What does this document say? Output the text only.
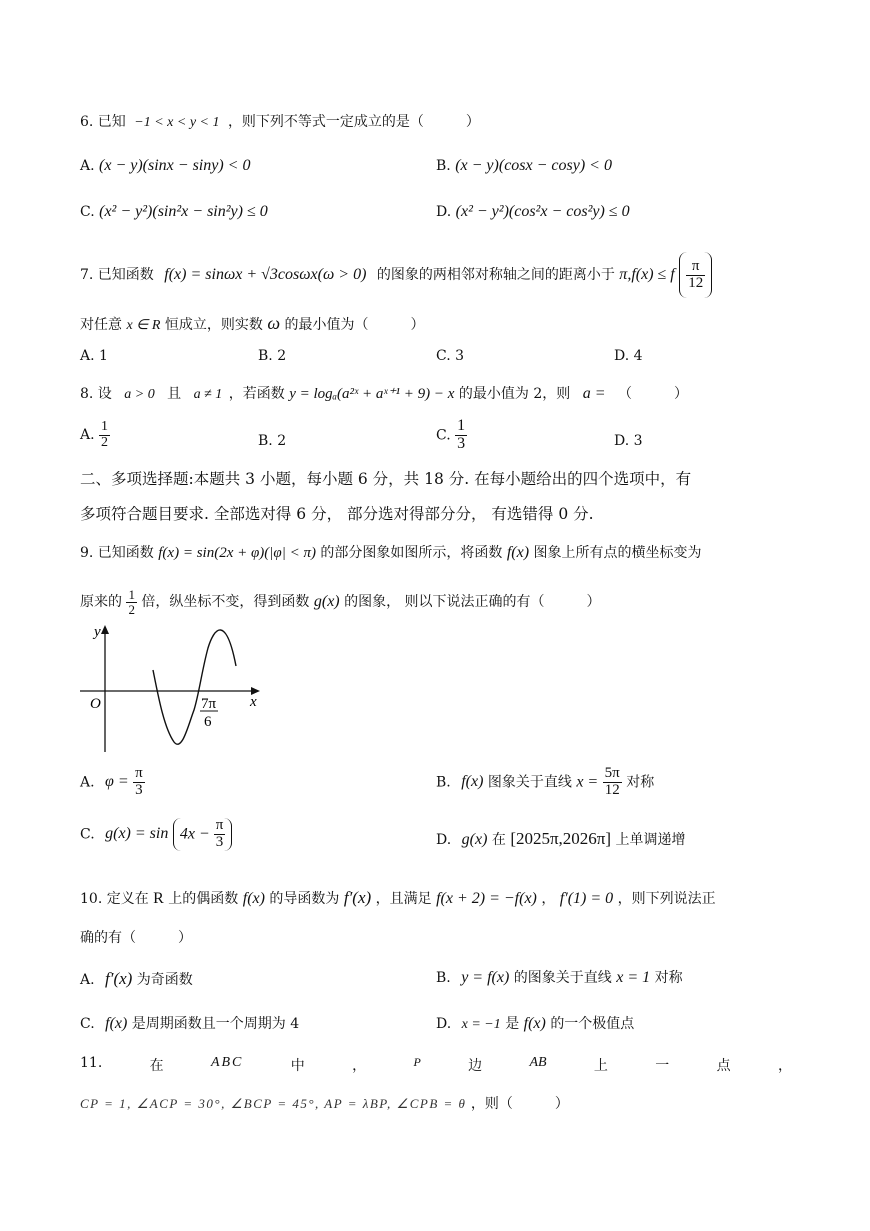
6. 已知 −1 < x < y < 1 ，则下列不等式一定成立的是（　　　）
A. (x − y)(sinx − siny) < 0	B. (x − y)(cosx − cosy) < 0
C. (x² − y²)(sin²x − sin²y) ≤ 0	D. (x² − y²)(cos²x − cos²y) ≤ 0
7. 已知函数 f(x) = sinωx + √3cosωx(ω > 0) 的图象的两相邻对称轴之间的距离小于 π,f(x) ≤ f $\frac{\pi}{12}$
对任意 x ∈ R 恒成立，则实数 ω 的最小值为（　　　）
A. 1	B. 2	C. 3	D. 4
8. 设 a > 0 且 a ≠ 1 ，若函数 y = logₐ(a²ˣ + aˣ⁺¹ + 9) − x 的最小值为 2，则 a = （　　　）
A. $\frac{1}{2}$	B. 2	C. $\frac{1}{3}$	D. 3
二、多项选择题:本题共 3 小题，每小题 6 分，共 18 分. 在每小题给出的四个选项中，有
多项符合题目要求. 全部选对得 6 分， 部分选对得部分分， 有选错得 0 分.
9. 已知函数 f(x) = sin(2x + φ)(|φ| < π) 的部分图象如图所示，将函数 f(x) 图象上所有点的横坐标变为
原来的 $\frac{1}{2}$ 倍，纵坐标不变，得到函数 g(x) 的图象， 则以下说法正确的有（　　　）
y
x
O	7π
6
A. $\varphi = \frac{\pi}{3}$	B. f(x) 图象关于直线 $x = \frac{5\pi}{12}$ 对称
C. $g(x) = \sin 4x - \frac{\pi}{3}$	D. g(x) 在 [2025π,2026π] 上单调递增
10. 定义在 R 上的偶函数 f(x) 的导函数为 f′(x) ，且满足 f(x + 2) = −f(x) ， f′(1) = 0 ，则下列说法正
确的有（　　　）
A. f′(x) 为奇函数	B. y = f(x) 的图象关于直线 x = 1 对称
C. f(x) 是周期函数且一个周期为 4	D. x = −1 是 f(x) 的一个极值点
11.	在	ABC	中	，	P	边	AB	上	一	点	，
CP = 1, ∠ACP = 30°, ∠BCP = 45°, AP = λBP, ∠CPB = θ ，则（　　　）
